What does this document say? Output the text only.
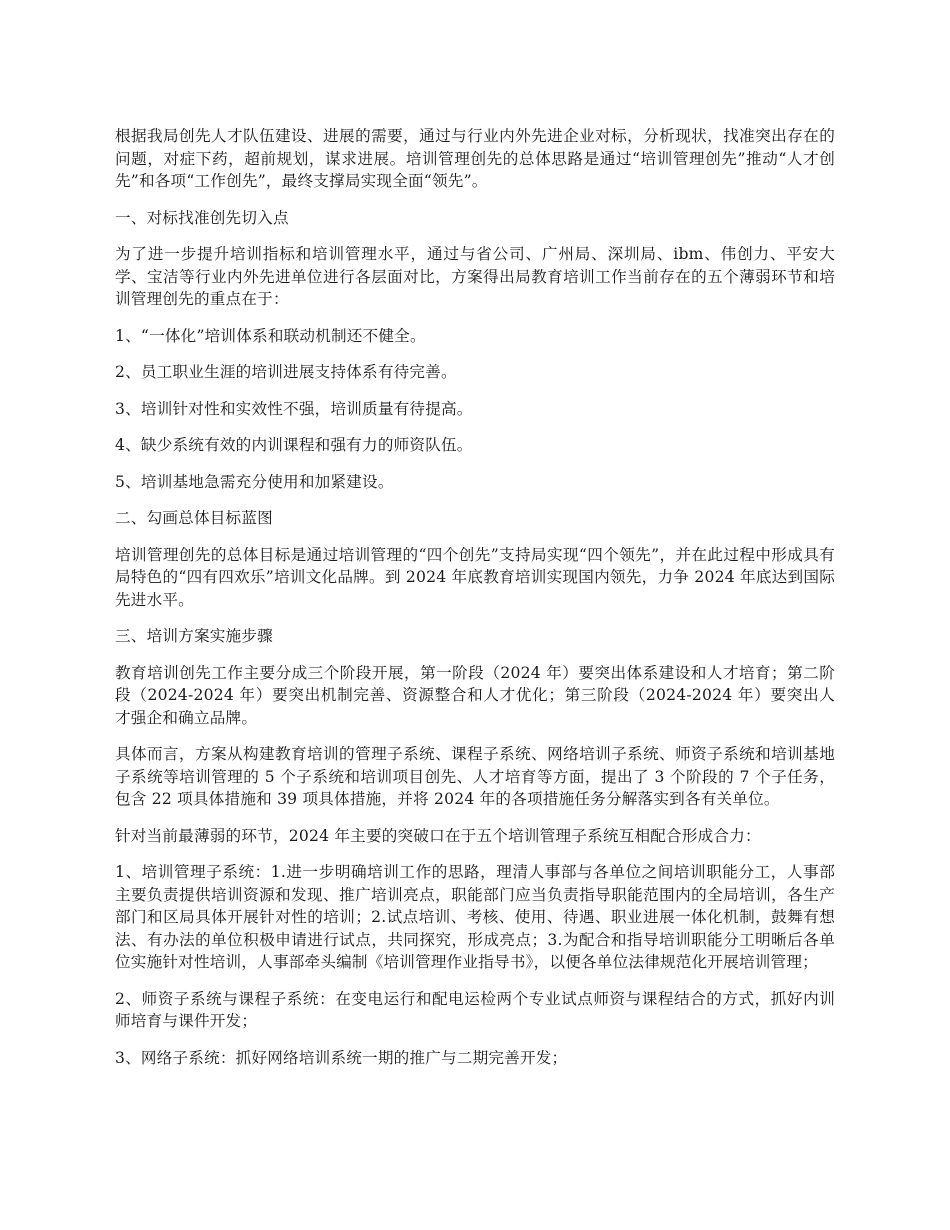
根据我局创先人才队伍建设、进展的需要，通过与行业内外先进企业对标，分析现状，找准突出存在的问题，对症下药，超前规划，谋求进展。培训管理创先的总体思路是通过“培训管理创先”推动“人才创先”和各项“工作创先”，最终支撑局实现全面“领先”。

一、对标找准创先切入点

为了进一步提升培训指标和培训管理水平，通过与省公司、广州局、深圳局、ibm、伟创力、平安大学、宝洁等行业内外先进单位进行各层面对比，方案得出局教育培训工作当前存在的五个薄弱环节和培训管理创先的重点在于：

1、“一体化”培训体系和联动机制还不健全。

2、员工职业生涯的培训进展支持体系有待完善。

3、培训针对性和实效性不强，培训质量有待提高。

4、缺少系统有效的内训课程和强有力的师资队伍。

5、培训基地急需充分使用和加紧建设。

二、勾画总体目标蓝图

培训管理创先的总体目标是通过培训管理的“四个创先”支持局实现“四个领先”，并在此过程中形成具有局特色的“四有四欢乐”培训文化品牌。到 2024 年底教育培训实现国内领先，力争 2024 年底达到国际先进水平。

三、培训方案实施步骤

教育培训创先工作主要分成三个阶段开展，第一阶段（2024 年）要突出体系建设和人才培育；第二阶段（2024-2024 年）要突出机制完善、资源整合和人才优化；第三阶段（2024-2024 年）要突出人才强企和确立品牌。

具体而言，方案从构建教育培训的管理子系统、课程子系统、网络培训子系统、师资子系统和培训基地子系统等培训管理的 5 个子系统和培训项目创先、人才培育等方面，提出了 3 个阶段的 7 个子任务，包含 22 项具体措施和 39 项具体措施，并将 2024 年的各项措施任务分解落实到各有关单位。

针对当前最薄弱的环节，2024 年主要的突破口在于五个培训管理子系统互相配合形成合力：

1、培训管理子系统：1.进一步明确培训工作的思路，理清人事部与各单位之间培训职能分工，人事部主要负责提供培训资源和发现、推广培训亮点，职能部门应当负责指导职能范围内的全局培训，各生产部门和区局具体开展针对性的培训；2.试点培训、考核、使用、待遇、职业进展一体化机制，鼓舞有想法、有办法的单位积极申请进行试点，共同探究，形成亮点；3.为配合和指导培训职能分工明晰后各单位实施针对性培训，人事部牵头编制《培训管理作业指导书》，以便各单位法律规范化开展培训管理；

2、师资子系统与课程子系统：在变电运行和配电运检两个专业试点师资与课程结合的方式，抓好内训师培育与课件开发；

3、网络子系统：抓好网络培训系统一期的推广与二期完善开发；
